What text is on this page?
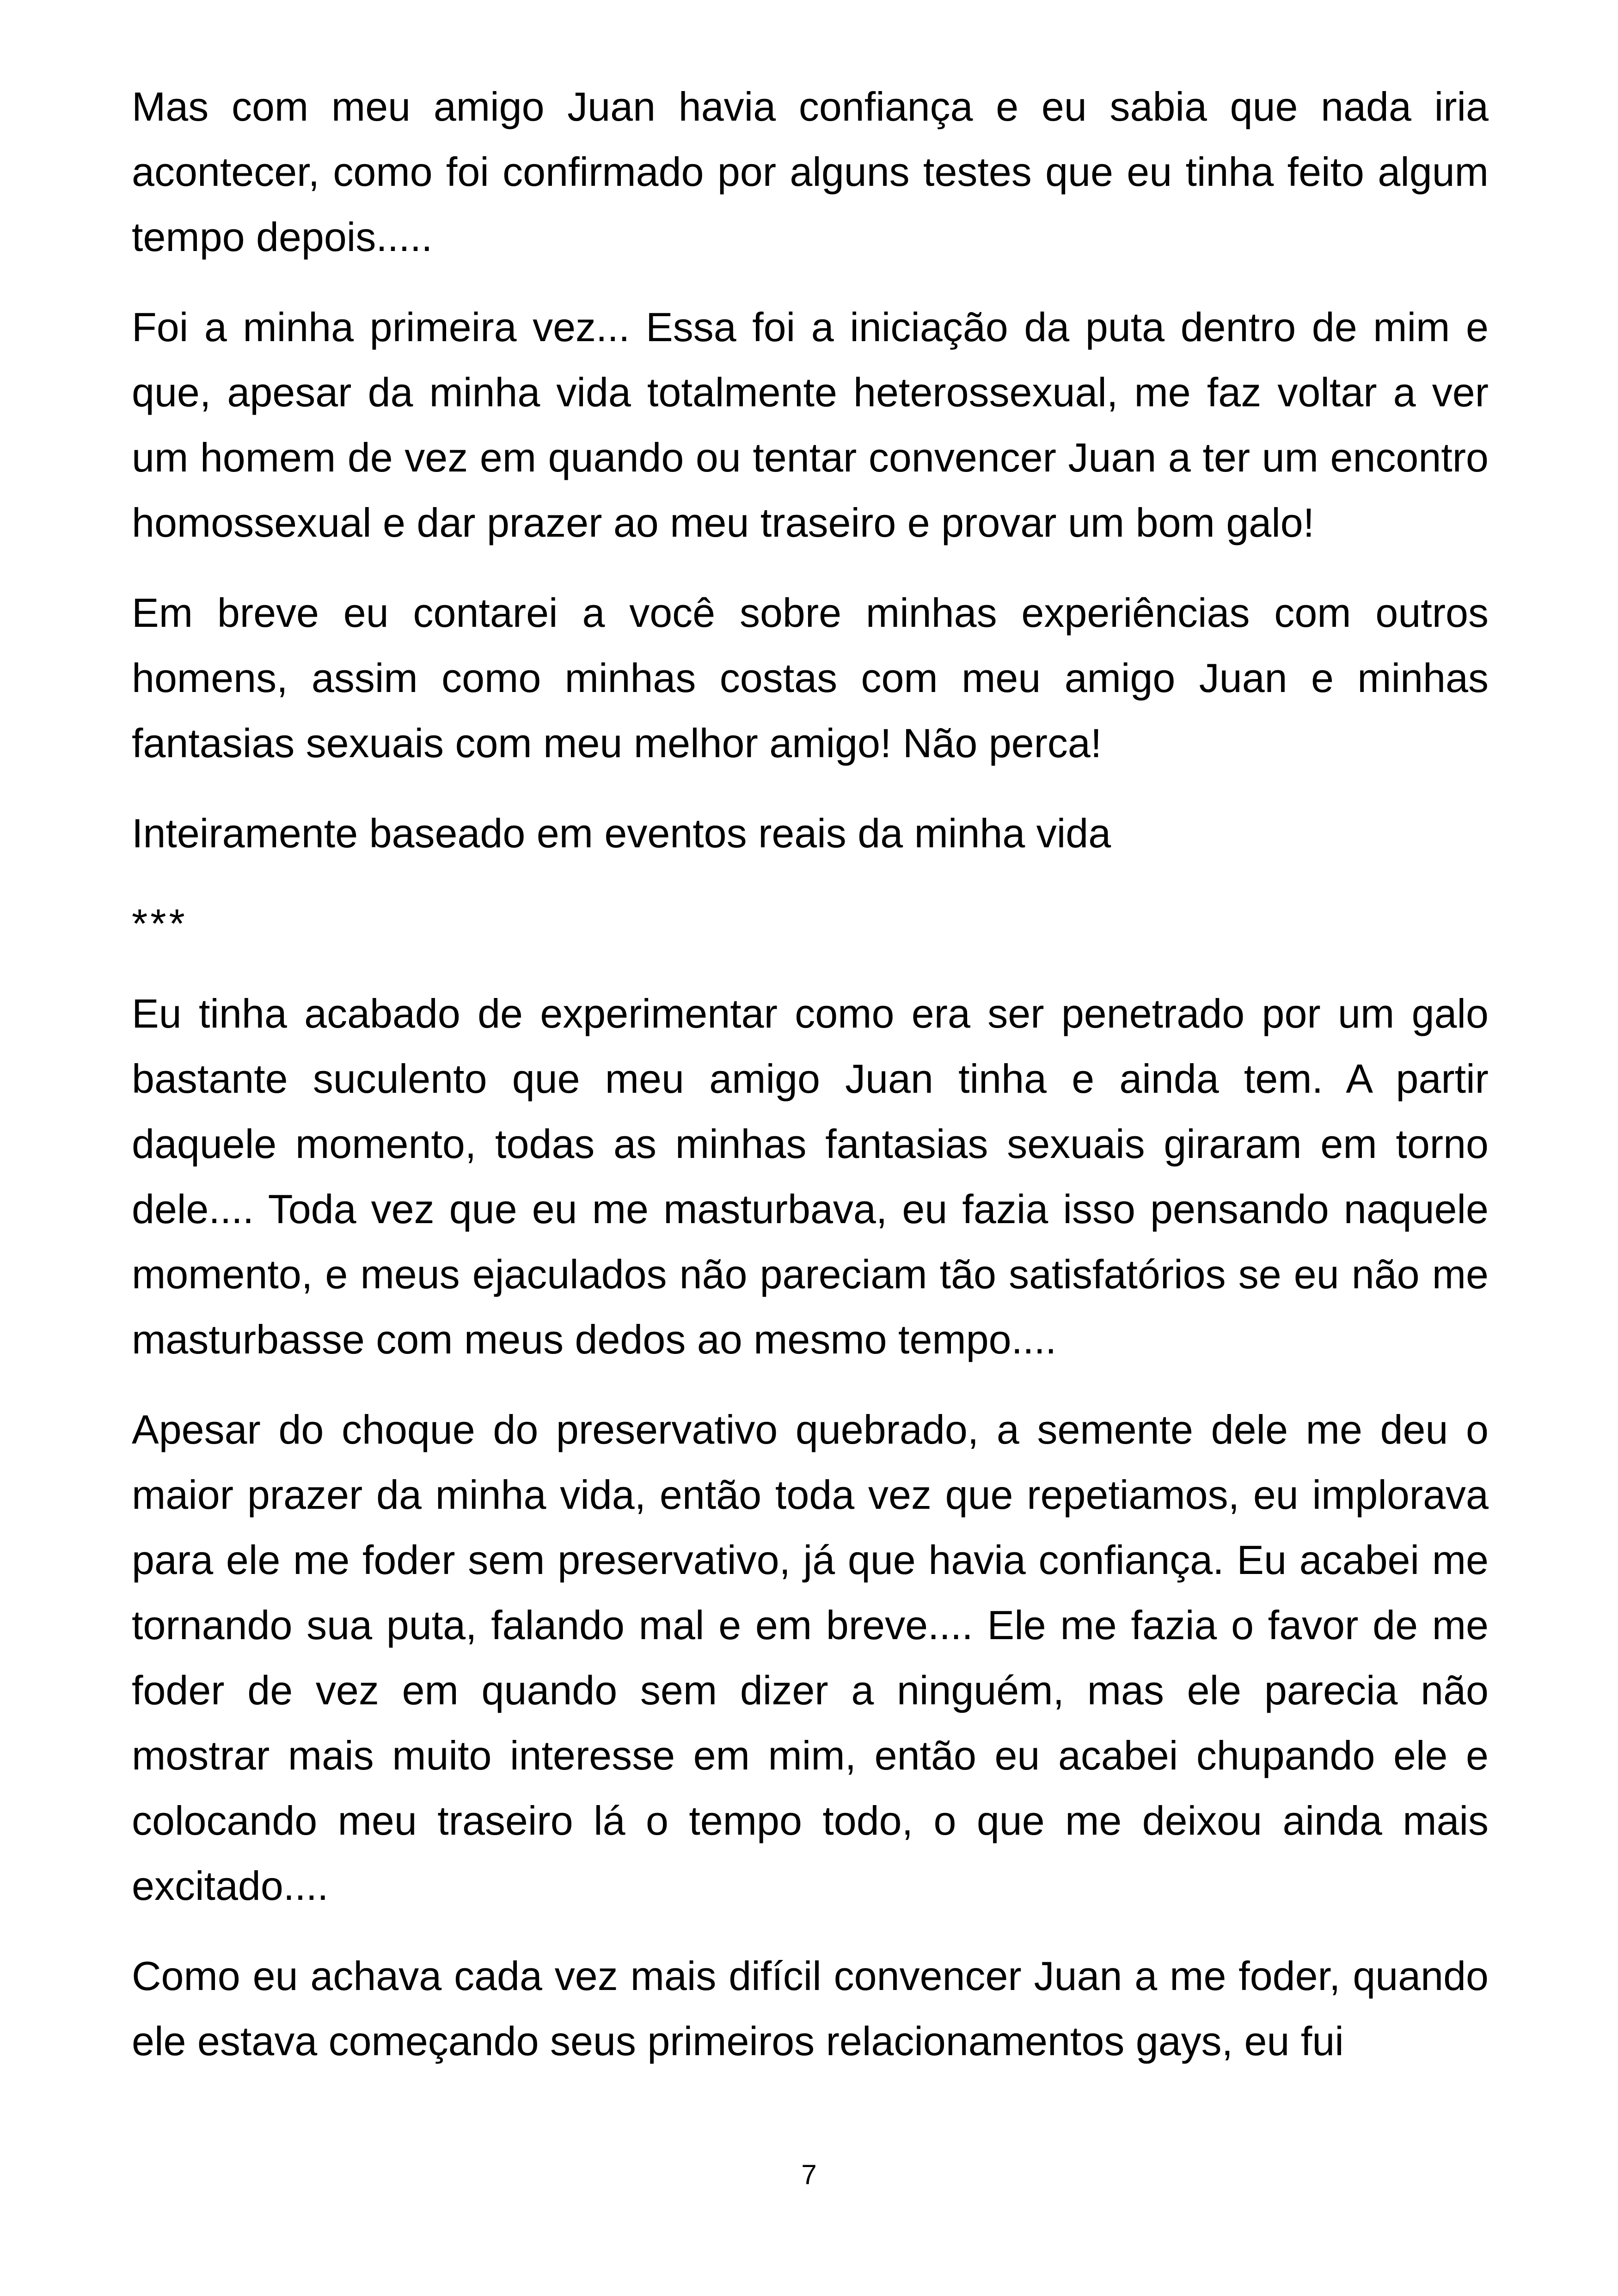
Mas com meu amigo Juan havia confiança e eu sabia que nada iria acontecer, como foi confirmado por alguns testes que eu tinha feito algum tempo depois.....

Foi a minha primeira vez... Essa foi a iniciação da puta dentro de mim e que, apesar da minha vida totalmente heterossexual, me faz voltar a ver um homem de vez em quando ou tentar convencer Juan a ter um encontro homossexual e dar prazer ao meu traseiro e provar um bom galo!

Em breve eu contarei a você sobre minhas experiências com outros homens, assim como minhas costas com meu amigo Juan e minhas fantasias sexuais com meu melhor amigo! Não perca!

Inteiramente baseado em eventos reais da minha vida

***

Eu tinha acabado de experimentar como era ser penetrado por um galo bastante suculento que meu amigo Juan tinha e ainda tem. A partir daquele momento, todas as minhas fantasias sexuais giraram em torno dele.... Toda vez que eu me masturbava, eu fazia isso pensando naquele momento, e meus ejaculados não pareciam tão satisfatórios se eu não me masturbasse com meus dedos ao mesmo tempo....

Apesar do choque do preservativo quebrado, a semente dele me deu o maior prazer da minha vida, então toda vez que repetiamos, eu implorava para ele me foder sem preservativo, já que havia confiança. Eu acabei me tornando sua puta, falando mal e em breve.... Ele me fazia o favor de me foder de vez em quando sem dizer a ninguém, mas ele parecia não mostrar mais muito interesse em mim, então eu acabei chupando ele e colocando meu traseiro lá o tempo todo, o que me deixou ainda mais excitado....

Como eu achava cada vez mais difícil convencer Juan a me foder, quando ele estava começando seus primeiros relacionamentos gays, eu fui

7
